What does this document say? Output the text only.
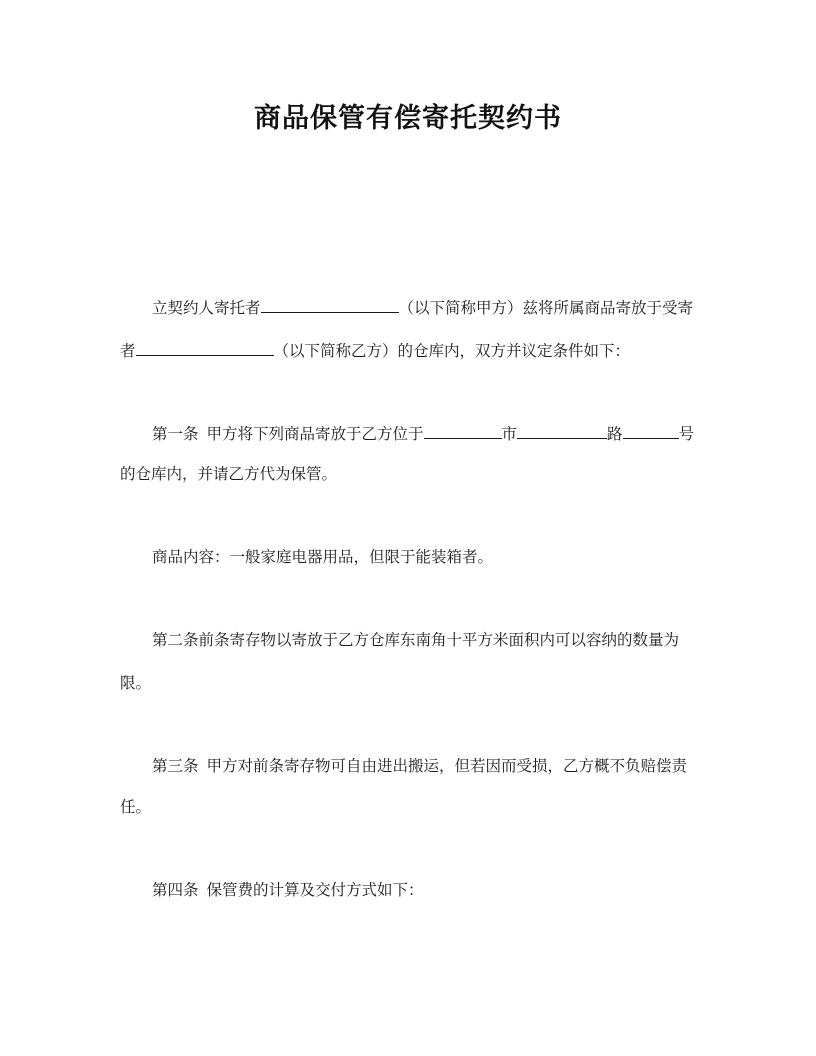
商品保管有偿寄托契约书
立契约人寄托者	（以下简称甲方）兹将所属商品寄放于受寄
者	（以下简称乙方）的仓库内，双方并议定条件如下：
第一条 甲方将下列商品寄放于乙方位于	市	路	号
的仓库内，并请乙方代为保管。
商品内容：一般家庭电器用品，但限于能装箱者。
第二条前条寄存物以寄放于乙方仓库东南角十平方米面积内可以容纳的数量为
限。
第三条 甲方对前条寄存物可自由进出搬运，但若因而受损，乙方概不负赔偿责
任。
第四条 保管费的计算及交付方式如下：
